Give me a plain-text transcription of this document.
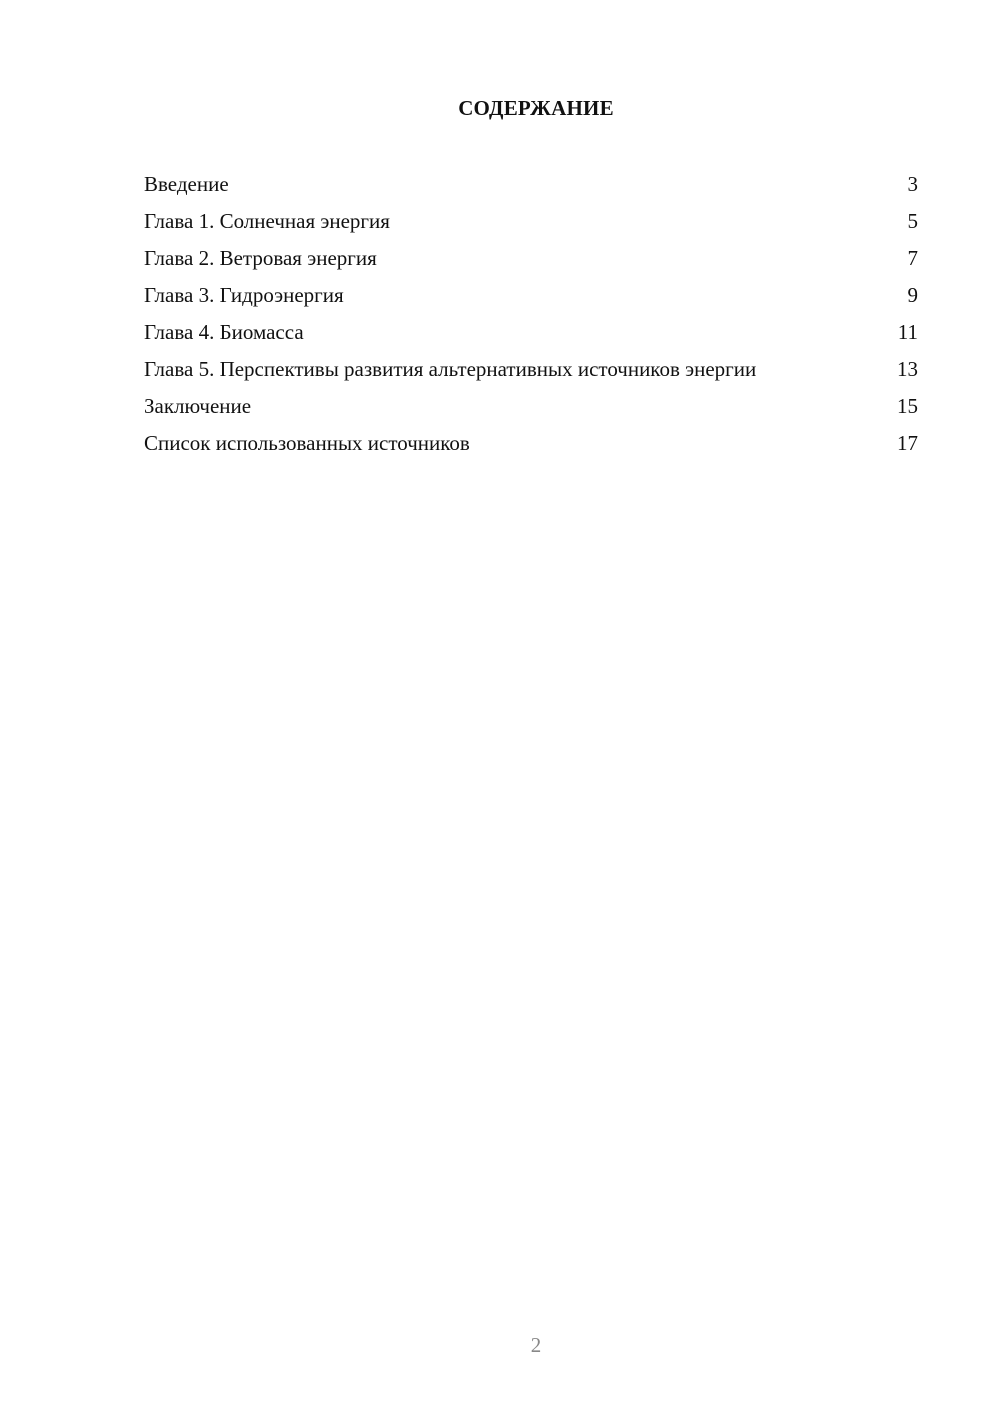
СОДЕРЖАНИЕ
Введение	3
Глава 1. Солнечная энергия	5
Глава 2. Ветровая энергия	7
Глава 3. Гидроэнергия	9
Глава 4. Биомасса	11
Глава 5. Перспективы развития альтернативных источников энергии	13
Заключение	15
Список использованных источников	17
2
